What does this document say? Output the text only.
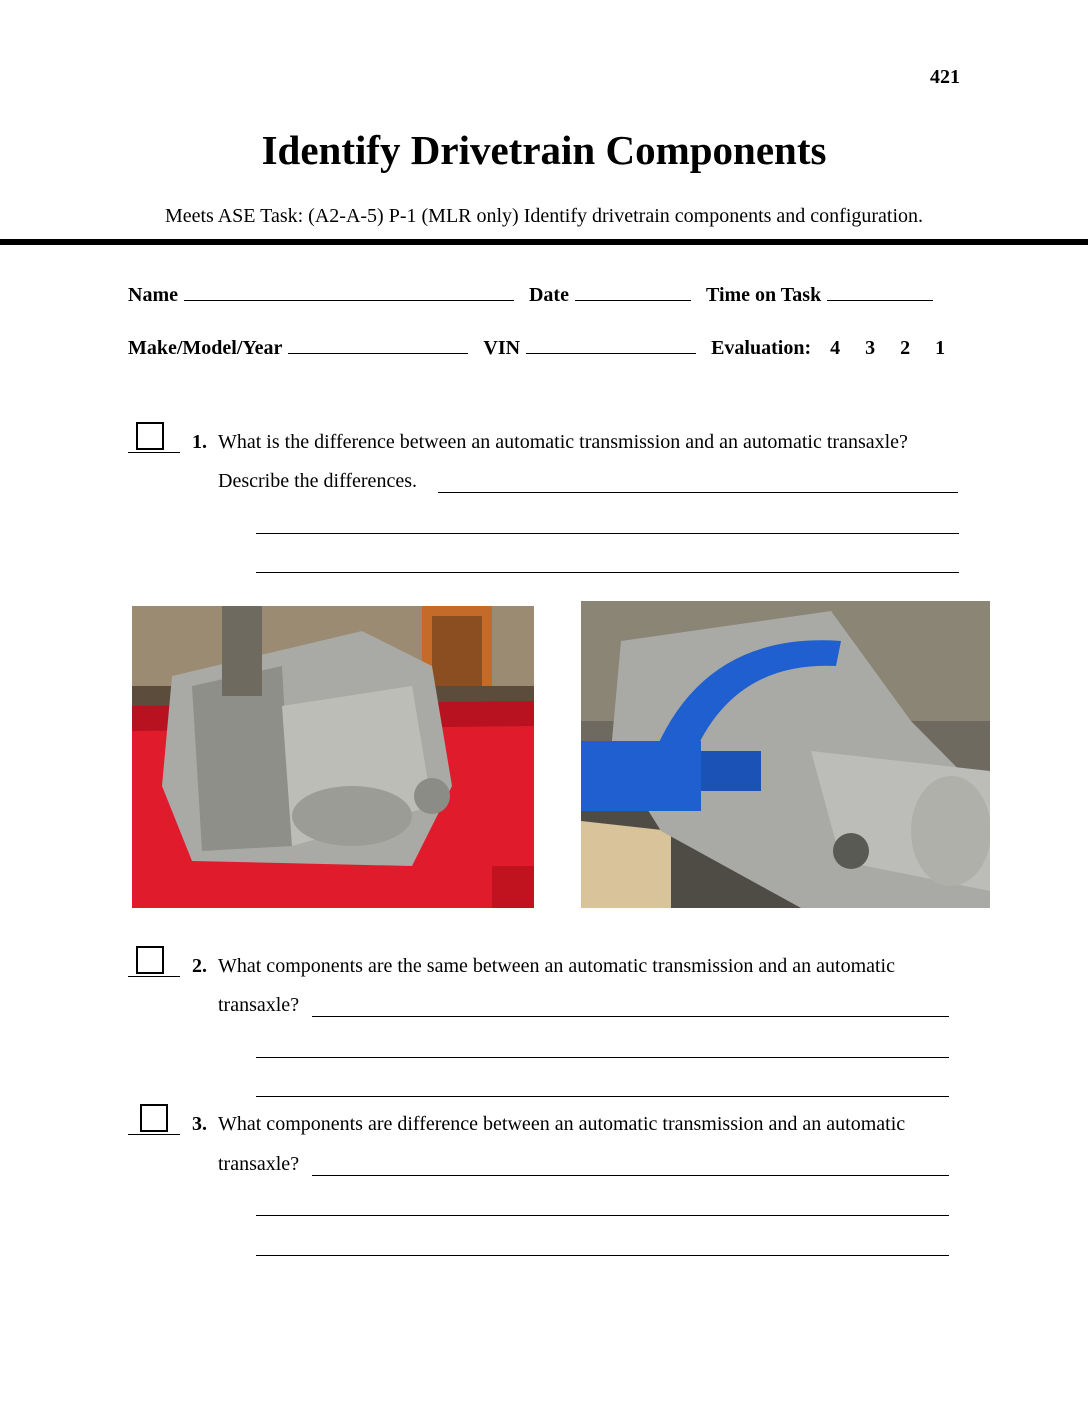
421
Identify Drivetrain Components
Meets ASE Task: (A2-A-5) P-1 (MLR only) Identify drivetrain components and configuration.
Name	Date	Time on Task
Make/Model/Year	VIN	Evaluation: 4 3 2 1
1. What is the difference between an automatic transmission and an automatic transaxle?
Describe the differences.
2. What components are the same between an automatic transmission and an automatic
transaxle?
3. What components are difference between an automatic transmission and an automatic
transaxle?
